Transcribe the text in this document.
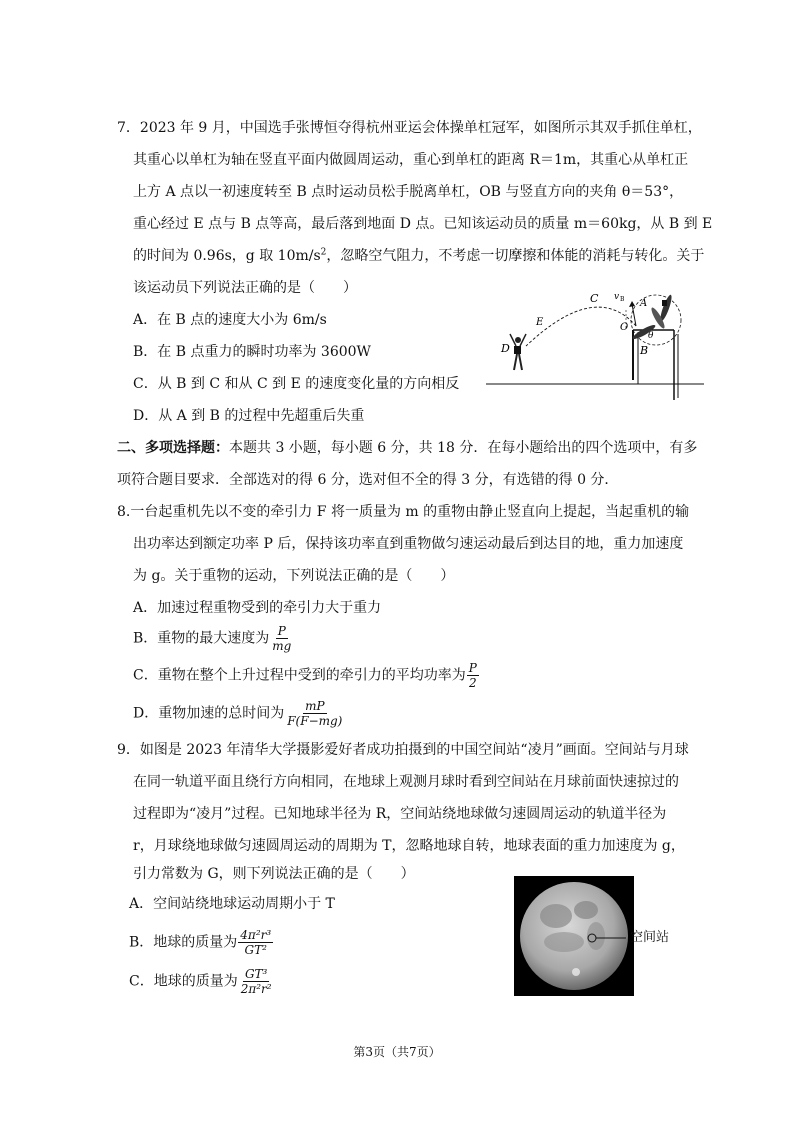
7．2023 年 9 月，中国选手张博恒夺得杭州亚运会体操单杠冠军，如图所示其双手抓住单杠，
其重心以单杠为轴在竖直平面内做圆周运动，重心到单杠的距离 R＝1m，其重心从单杠正
上方 A 点以一初速度转至 B 点时运动员松手脱离单杠，OB 与竖直方向的夹角 θ＝53°，
重心经过 E 点与 B 点等高，最后落到地面 D 点。已知该运动员的质量 m＝60kg，从 B 到 E
的时间为 0.96s，g 取 $10m/s^2$，忽略空气阻力，不考虑一切摩擦和体能的消耗与转化。关于
该运动员下列说法正确的是（　　）
A．在 B 点的速度大小为 6m/s
B．在 B 点重力的瞬时功率为 3600W
C．从 B 到 C 和从 C 到 E 的速度变化量的方向相反
D．从 A 到 B 的过程中先超重后失重
C v B A
O
θ
E
D	B
二、多项选择题：本题共 3 小题，每小题 6 分，共 18 分．在每小题给出的四个选项中，有多
项符合题目要求．全部选对的得 6 分，选对但不全的得 3 分，有选错的得 0 分．
8.一台起重机先以不变的牵引力 F 将一质量为 m 的重物由静止竖直向上提起，当起重机的输
出功率达到额定功率 P 后，保持该功率直到重物做匀速运动最后到达目的地，重力加速度
为 g。关于重物的运动，下列说法正确的是（　　）
A．加速过程重物受到的牵引力大于重力
B．重物的最大速度为 $\frac{P}{mg}$
C．重物在整个上升过程中受到的牵引力的平均功率为 $\frac{P}{2}$
D．重物加速的总时间为 $\frac{mP}{F(F-mg)}$
9．如图是 2023 年清华大学摄影爱好者成功拍摄到的中国空间站“凌月”画面。空间站与月球
在同一轨道平面且绕行方向相同，在地球上观测月球时看到空间站在月球前面快速掠过的
过程即为“凌月”过程。已知地球半径为 R，空间站绕地球做匀速圆周运动的轨道半径为
r，月球绕地球做匀速圆周运动的周期为 T，忽略地球自转，地球表面的重力加速度为 g，
引力常数为 G，则下列说法正确的是（　　）
A．空间站绕地球运动周期小于 T
B．地球的质量为 $\frac{\text{4π²r³}}{\text{GT²}}$
C．地球的质量为 $\frac{\text{GT³}}{\text{2π²r²}}$
空间站
第3页（共7页）
